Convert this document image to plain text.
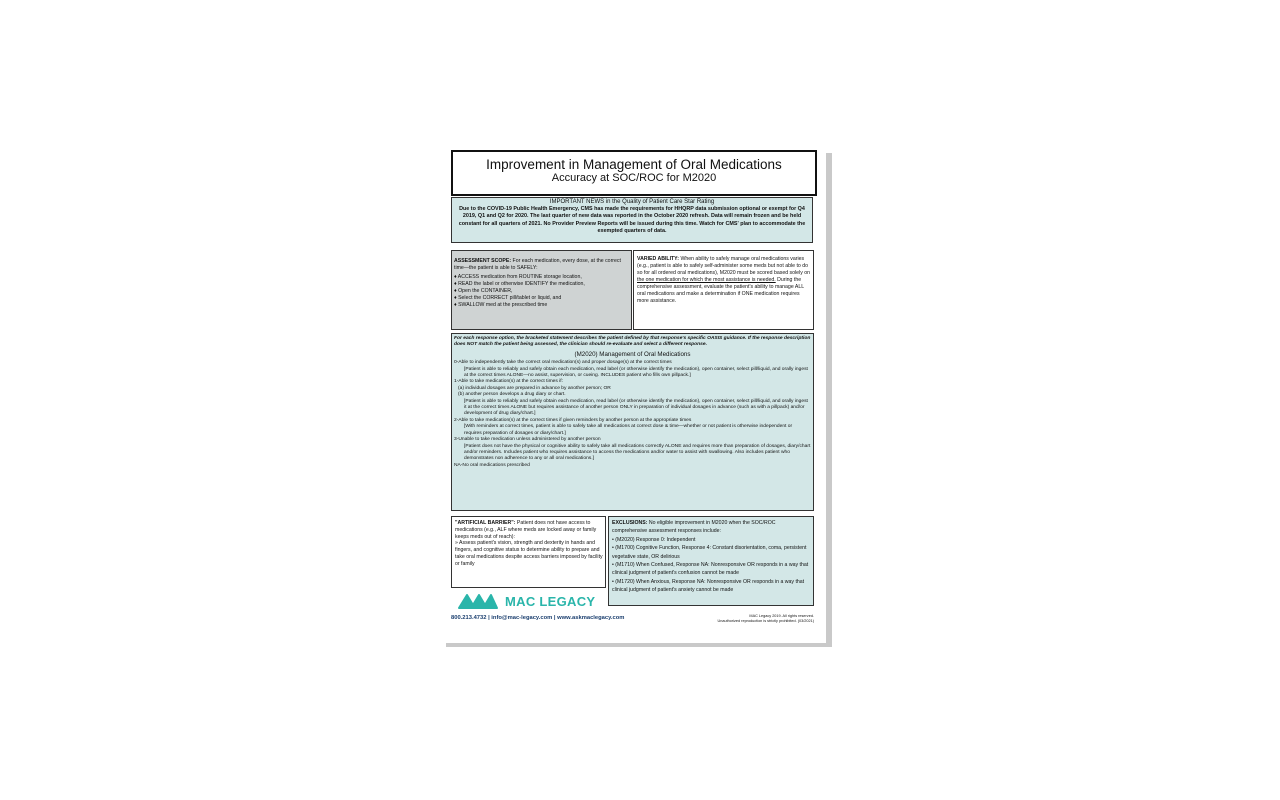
Improvement in Management of Oral Medications
Accuracy at SOC/ROC for M2020
IMPORTANT NEWS in the Quality of Patient Care Star Rating
Due to the COVID-19 Public Health Emergency, CMS has made the requirements for HHQRP data submission optional or exempt for Q4 2019, Q1 and Q2 for 2020. The last quarter of new data was reported in the October 2020 refresh. Data will remain frozen and be held constant for all quarters of 2021. No Provider Preview Reports will be issued during this time. Watch for CMS' plan to accommodate the exempted quarters of data.
ASSESSMENT SCOPE: For each medication, every dose, at the correct time—the patient is able to SAFELY:
♦ ACCESS medication from ROUTINE storage location,
♦ READ the label or otherwise IDENTIFY the medication,
♦ Open the CONTAINER,
♦ Select the CORRECT pill/tablet or liquid, and
♦ SWALLOW med at the prescribed time
VARIED ABILITY: When ability to safely manage oral medications varies (e.g., patient is able to safely self-administer some meds but not able to do so for all ordered oral medications), M2020 must be scored based solely on the one medication for which the most assistance is needed. During the comprehensive assessment, evaluate the patient's ability to manage ALL oral medications and make a determination if ONE medication requires more assistance.
For each response option, the bracketed statement describes the patient defined by that response's specific OASIS guidance. If the response description does NOT match the patient being assessed, the clinician should re-evaluate and select a different response.
(M2020) Management of Oral Medications
0-Able to independently take the correct oral medication(s) and proper dosage(s) at the correct times
[Patient is able to reliably and safely obtain each medication, read label (or otherwise identify the medication), open container, select pill/liquid, and orally ingest at the correct times ALONE—no assist, supervision, or cueing. INCLUDES patient who fills own pillpack.]
1-Able to take medication(s) at the correct times if:
(a) individual dosages are prepared in advance by another person; OR
(b) another person develops a drug diary or chart.
[Patient is able to reliably and safely obtain each medication, read label (or otherwise identify the medication), open container, select pill/liquid, and orally ingest it at the correct times ALONE but requires assistance of another person ONLY in preparation of individual dosages in advance (such as with a pillpack) and/or development of drug diary/chart.]
2-Able to take medication(s) at the correct times if given reminders by another person at the appropriate times
[With reminders at correct times, patient is able to safely take all medications at correct dose & time—whether or not patient is otherwise independent or requires preparation of dosages or diary/chart.]
3-Unable to take medication unless administered by another person
[Patient does not have the physical or cognitive ability to safely take all medications correctly ALONE and requires more than preparation of dosages, diary/chart and/or reminders. Includes patient who requires assistance to access the medications and/or water to assist with swallowing. Also includes patient who demonstrates non adherence to any or all oral medications.]
NA-No oral medications prescribed
"ARTIFICIAL BARRIER": Patient does not have access to medications (e.g., ALF where meds are locked away or family keeps meds out of reach):
» Assess patient's vision, strength and dexterity in hands and fingers, and cognitive status to determine ability to prepare and take oral medications despite access barriers imposed by facility or family
EXCLUSIONS: No eligible improvement in M2020 when the SOC/ROC comprehensive assessment responses include:
• (M2020) Response 0: Independent
• (M1700) Cognitive Function, Response 4: Constant disorientation, coma, persistent vegetative state, OR delirious
• (M1710) When Confused, Response NA: Nonresponsive OR responds in a way that clinical judgment of patient's confusion cannot be made
• (M1720) When Anxious, Response NA: Nonresponsive OR responds in a way that clinical judgment of patient's anxiety cannot be made
MAC LEGACY
800.213.4732 | info@mac-legacy.com | www.askmaclegacy.com	MAC Legacy 2019. All rights reserved.
Unauthorized reproduction is strictly prohibited. (03/2021)
